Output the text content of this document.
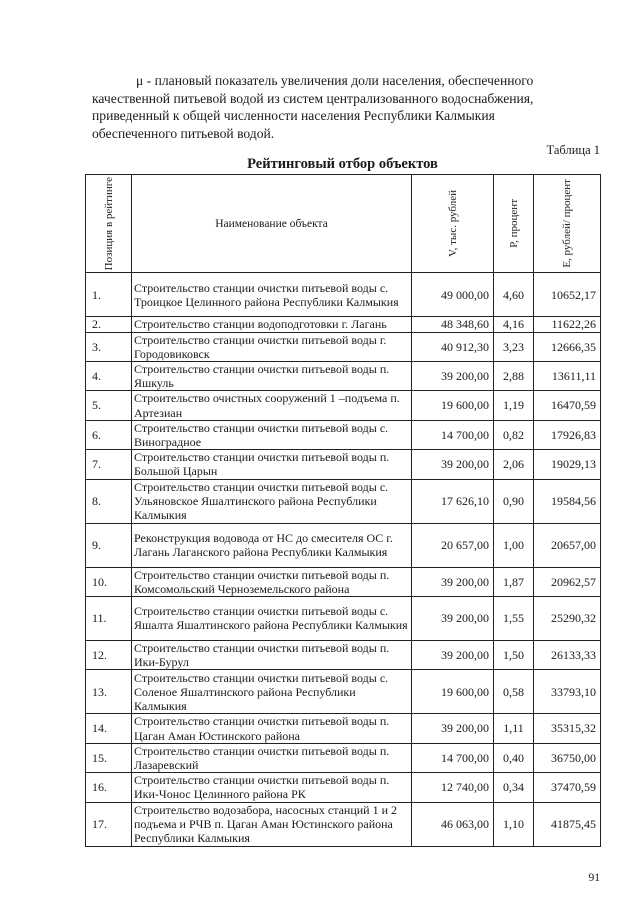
μ - плановый показатель увеличения доли населения, обеспеченного
качественной питьевой водой из систем централизованного водоснабжения,
приведенный к общей численности населения Республики Калмыкия
обеспеченного питьевой водой.
Таблица 1
Рейтинговый отбор объектов
Позиция в рейтинге	Наименование объекта	V, тыс. рублей	P, процент	E, рублей/ процент

1.	Строительство станции очистки питьевой воды с. Троицкое Целинного района Республики Калмыкия	49 000,00	4,60	10652,17
2.	Строительство станции водоподготовки г. Лагань	48 348,60	4,16	11622,26
3.	Строительство станции очистки питьевой воды г. Городовиковск	40 912,30	3,23	12666,35
4.	Строительство станции очистки питьевой воды п. Яшкуль	39 200,00	2,88	13611,11
5.	Строительство очистных сооружений 1 –подъема п. Артезиан	19 600,00	1,19	16470,59
6.	Строительство станции очистки питьевой воды с. Виноградное	14 700,00	0,82	17926,83
7.	Строительство станции очистки питьевой воды п. Большой Царын	39 200,00	2,06	19029,13
8.	Строительство станции очистки питьевой воды с. Ульяновское Яшалтинского района Республики Калмыкия	17 626,10	0,90	19584,56
9.	Реконструкция водовода от НС до смесителя ОС г. Лагань Лаганского района Республики Калмыкия	20 657,00	1,00	20657,00
10.	Строительство станции очистки питьевой воды п. Комсомольский Черноземельского района	39 200,00	1,87	20962,57
11.	Строительство станции очистки питьевой воды с. Яшалта Яшалтинского района Республики Калмыкия	39 200,00	1,55	25290,32
12.	Строительство станции очистки питьевой воды п. Ики-Бурул	39 200,00	1,50	26133,33
13.	Строительство станции очистки питьевой воды с. Соленое Яшалтинского района Республики Калмыкия	19 600,00	0,58	33793,10
14.	Строительство станции очистки питьевой воды п. Цаган Аман Юстинского района	39 200,00	1,11	35315,32
15.	Строительство станции очистки питьевой воды п. Лазаревский	14 700,00	0,40	36750,00
16.	Строительство станции очистки питьевой воды п. Ики-Чонос Целинного района РК	12 740,00	0,34	37470,59
17.	Строительство водозабора, насосных станций 1 и 2 подъема и РЧВ п. Цаган Аман Юстинского района Республики Калмыкия	46 063,00	1,10	41875,45
91
